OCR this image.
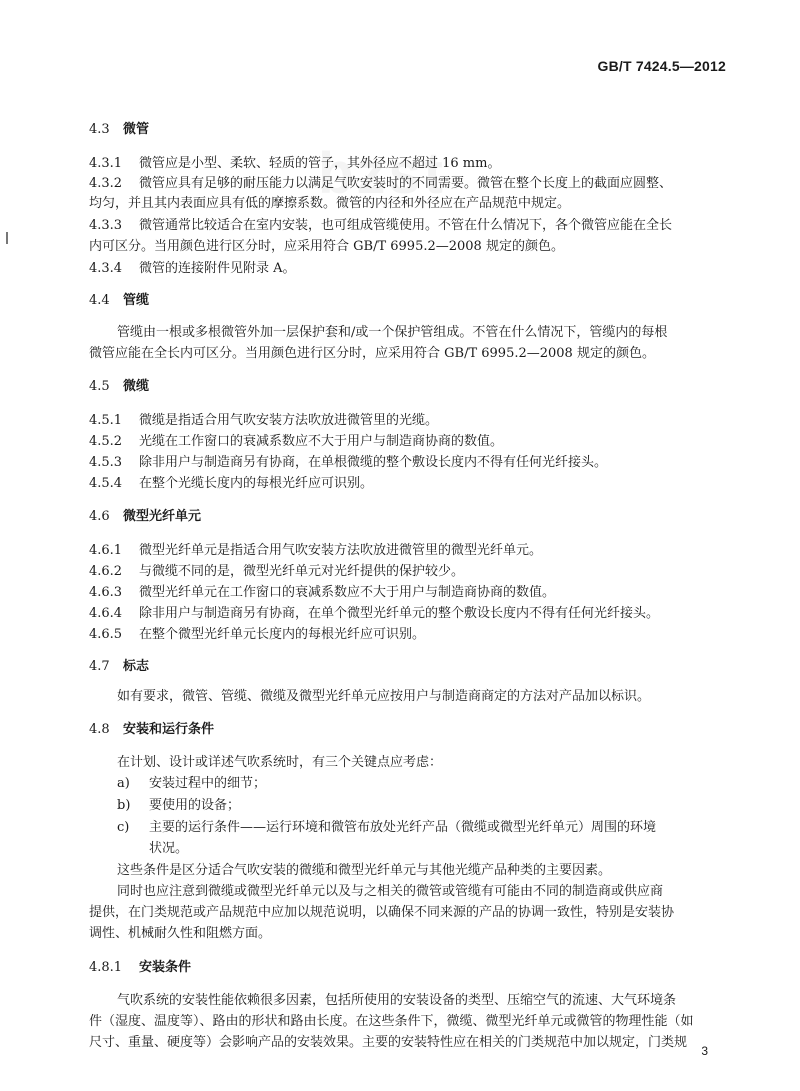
GB/T 7424.5—2012
4.3 微管
4.3.1 微管应是小型、柔软、轻质的管子，其外径应不超过 16 mm。
4.3.2 微管应具有足够的耐压能力以满足气吹安装时的不同需要。微管在整个长度上的截面应圆整、
均匀，并且其内表面应具有低的摩擦系数。微管的内径和外径应在产品规范中规定。
4.3.3 微管通常比较适合在室内安装，也可组成管缆使用。不管在什么情况下，各个微管应能在全长
内可区分。当用颜色进行区分时，应采用符合 GB/T 6995.2—2008 规定的颜色。
4.3.4 微管的连接附件见附录 A。
4.4 管缆
管缆由一根或多根微管外加一层保护套和/或一个保护管组成。不管在什么情况下，管缆内的每根
微管应能在全长内可区分。当用颜色进行区分时，应采用符合 GB/T 6995.2—2008 规定的颜色。
4.5 微缆
4.5.1 微缆是指适合用气吹安装方法吹放进微管里的光缆。
4.5.2 光缆在工作窗口的衰减系数应不大于用户与制造商协商的数值。
4.5.3 除非用户与制造商另有协商，在单根微缆的整个敷设长度内不得有任何光纤接头。
4.5.4 在整个光缆长度内的每根光纤应可识别。
4.6 微型光纤单元
4.6.1 微型光纤单元是指适合用气吹安装方法吹放进微管里的微型光纤单元。
4.6.2 与微缆不同的是，微型光纤单元对光纤提供的保护较少。
4.6.3 微型光纤单元在工作窗口的衰减系数应不大于用户与制造商协商的数值。
4.6.4 除非用户与制造商另有协商，在单个微型光纤单元的整个敷设长度内不得有任何光纤接头。
4.6.5 在整个微型光纤单元长度内的每根光纤应可识别。
4.7 标志
如有要求，微管、管缆、微缆及微型光纤单元应按用户与制造商商定的方法对产品加以标识。
4.8 安装和运行条件
在计划、设计或详述气吹系统时，有三个关键点应考虑：
a) 安装过程中的细节；
b) 要使用的设备；
c) 主要的运行条件——运行环境和微管布放处光纤产品（微缆或微型光纤单元）周围的环境
状况。
这些条件是区分适合气吹安装的微缆和微型光纤单元与其他光缆产品种类的主要因素。
同时也应注意到微缆或微型光纤单元以及与之相关的微管或管缆有可能由不同的制造商或供应商
提供，在门类规范或产品规范中应加以规范说明，以确保不同来源的产品的协调一致性，特别是安装协
调性、机械耐久性和阻燃方面。
4.8.1 安装条件
气吹系统的安装性能依赖很多因素，包括所使用的安装设备的类型、压缩空气的流速、大气环境条
件（湿度、温度等）、路由的形状和路由长度。在这些条件下，微缆、微型光纤单元或微管的物理性能（如
尺寸、重量、硬度等）会影响产品的安装效果。主要的安装特性应在相关的门类规范中加以规定，门类规
3
